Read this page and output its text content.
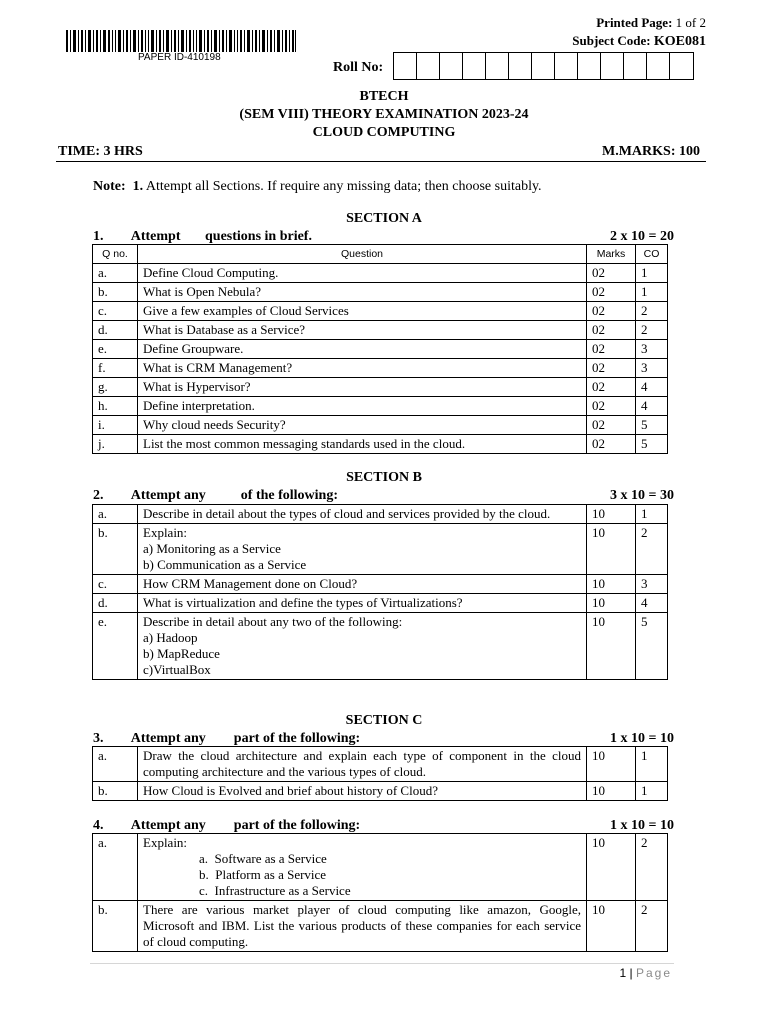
PAPER ID-410198
Printed Page: 1 of 2
Subject Code: KOE081
Roll No:
BTECH
(SEM VIII) THEORY EXAMINATION 2023-24
CLOUD COMPUTING
TIME: 3 HRS	M.MARKS: 100
Note: 1. Attempt all Sections. If require any missing data; then choose suitably.
SECTION A
1. Attempt       questions in brief.	2 x 10 = 20
Q no.	Question	Marks	CO
a.	Define Cloud Computing.	02	1
b.	What is Open Nebula?	02	1
c.	Give a few examples of Cloud Services	02	2
d.	What is Database as a Service?	02	2
e.	Define Groupware.	02	3
f.	What is CRM Management?	02	3
g.	What is Hypervisor?	02	4
h.	Define interpretation.	02	4
i.	Why cloud needs Security?	02	5
j.	List the most common messaging standards used in the cloud.	02	5
SECTION B
2. Attempt any          of the following:	3 x 10 = 30
a.	Describe in detail about the types of cloud and services provided by the cloud.	10	1
b.	Explain:
a) Monitoring as a Service
b) Communication as a Service	10	2
c.	How CRM Management done on Cloud?	10	3
d.	What is virtualization and define the types of Virtualizations?	10	4
e.	Describe in detail about any two of the following:
a) Hadoop
b) MapReduce
c)VirtualBox	10	5
SECTION C
3. Attempt any        part of the following:	1 x 10 = 10
a.	Draw the cloud architecture and explain each type of component in the cloud computing architecture and the various types of cloud.	10	1
b.	How Cloud is Evolved and brief about history of Cloud?	10	1
4. Attempt any        part of the following:	1 x 10 = 10
a.	Explain:
a. Software as a Service
b. Platform as a Service
c. Infrastructure as a Service	10	2
b.	There are various market player of cloud computing like amazon, Google, Microsoft and IBM. List the various products of these companies for each service of cloud computing.	10	2
1 | Page
